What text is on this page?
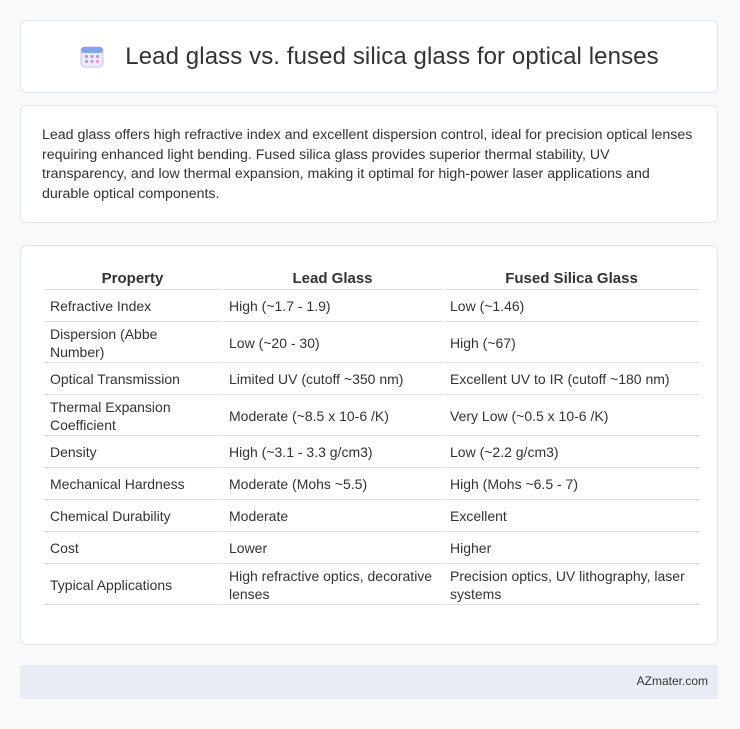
Lead glass vs. fused silica glass for optical lenses

Lead glass offers high refractive index and excellent dispersion control, ideal for precision optical lenses requiring enhanced light bending. Fused silica glass provides superior thermal stability, UV transparency, and low thermal expansion, making it optimal for high-power laser applications and durable optical components.

Property	Lead Glass	Fused Silica Glass
Refractive Index	High (~1.7 - 1.9)	Low (~1.46)
Dispersion (Abbe Number)	Low (~20 - 30)	High (~67)
Optical Transmission	Limited UV (cutoff ~350 nm)	Excellent UV to IR (cutoff ~180 nm)
Thermal Expansion Coefficient	Moderate (~8.5 x 10-6 /K)	Very Low (~0.5 x 10-6 /K)
Density	High (~3.1 - 3.3 g/cm3)	Low (~2.2 g/cm3)
Mechanical Hardness	Moderate (Mohs ~5.5)	High (Mohs ~6.5 - 7)
Chemical Durability	Moderate	Excellent
Cost	Lower	Higher
Typical Applications	High refractive optics, decorative lenses	Precision optics, UV lithography, laser systems
AZmater.com
